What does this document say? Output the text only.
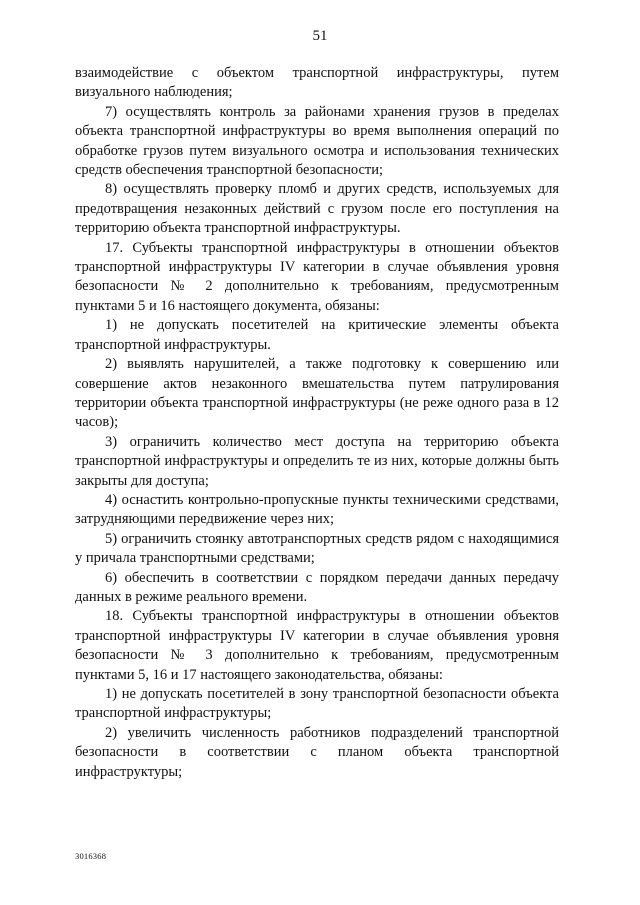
51

взаимодействие с объектом транспортной инфраструктуры, путем визуального наблюдения;

7) осуществлять контроль за районами хранения грузов в пределах объекта транспортной инфраструктуры во время выполнения операций по обработке грузов путем визуального осмотра и использования технических средств обеспечения транспортной безопасности;

8) осуществлять проверку пломб и других средств, используемых для предотвращения незаконных действий с грузом после его поступления на территорию объекта транспортной инфраструктуры.

17. Субъекты транспортной инфраструктуры в отношении объектов транспортной инфраструктуры IV категории в случае объявления уровня безопасности № 2 дополнительно к требованиям, предусмотренным пунктами 5 и 16 настоящего документа, обязаны:

1) не допускать посетителей на критические элементы объекта транспортной инфраструктуры.

2) выявлять нарушителей, а также подготовку к совершению или совершение актов незаконного вмешательства путем патрулирования территории объекта транспортной инфраструктуры (не реже одного раза в 12 часов);

3) ограничить количество мест доступа на территорию объекта транспортной инфраструктуры и определить те из них, которые должны быть закрыты для доступа;

4) оснастить контрольно-пропускные пункты техническими средствами, затрудняющими передвижение через них;

5) ограничить стоянку автотранспортных средств рядом с находящимися у причала транспортными средствами;

6) обеспечить в соответствии с порядком передачи данных передачу данных в режиме реального времени.

18. Субъекты транспортной инфраструктуры в отношении объектов транспортной инфраструктуры IV категории в случае объявления уровня безопасности № 3 дополнительно к требованиям, предусмотренным пунктами 5, 16 и 17 настоящего законодательства, обязаны:

1) не допускать посетителей в зону транспортной безопасности объекта транспортной инфраструктуры;

2) увеличить численность работников подразделений транспортной безопасности в соответствии с планом объекта транспортной инфраструктуры;

3016368
